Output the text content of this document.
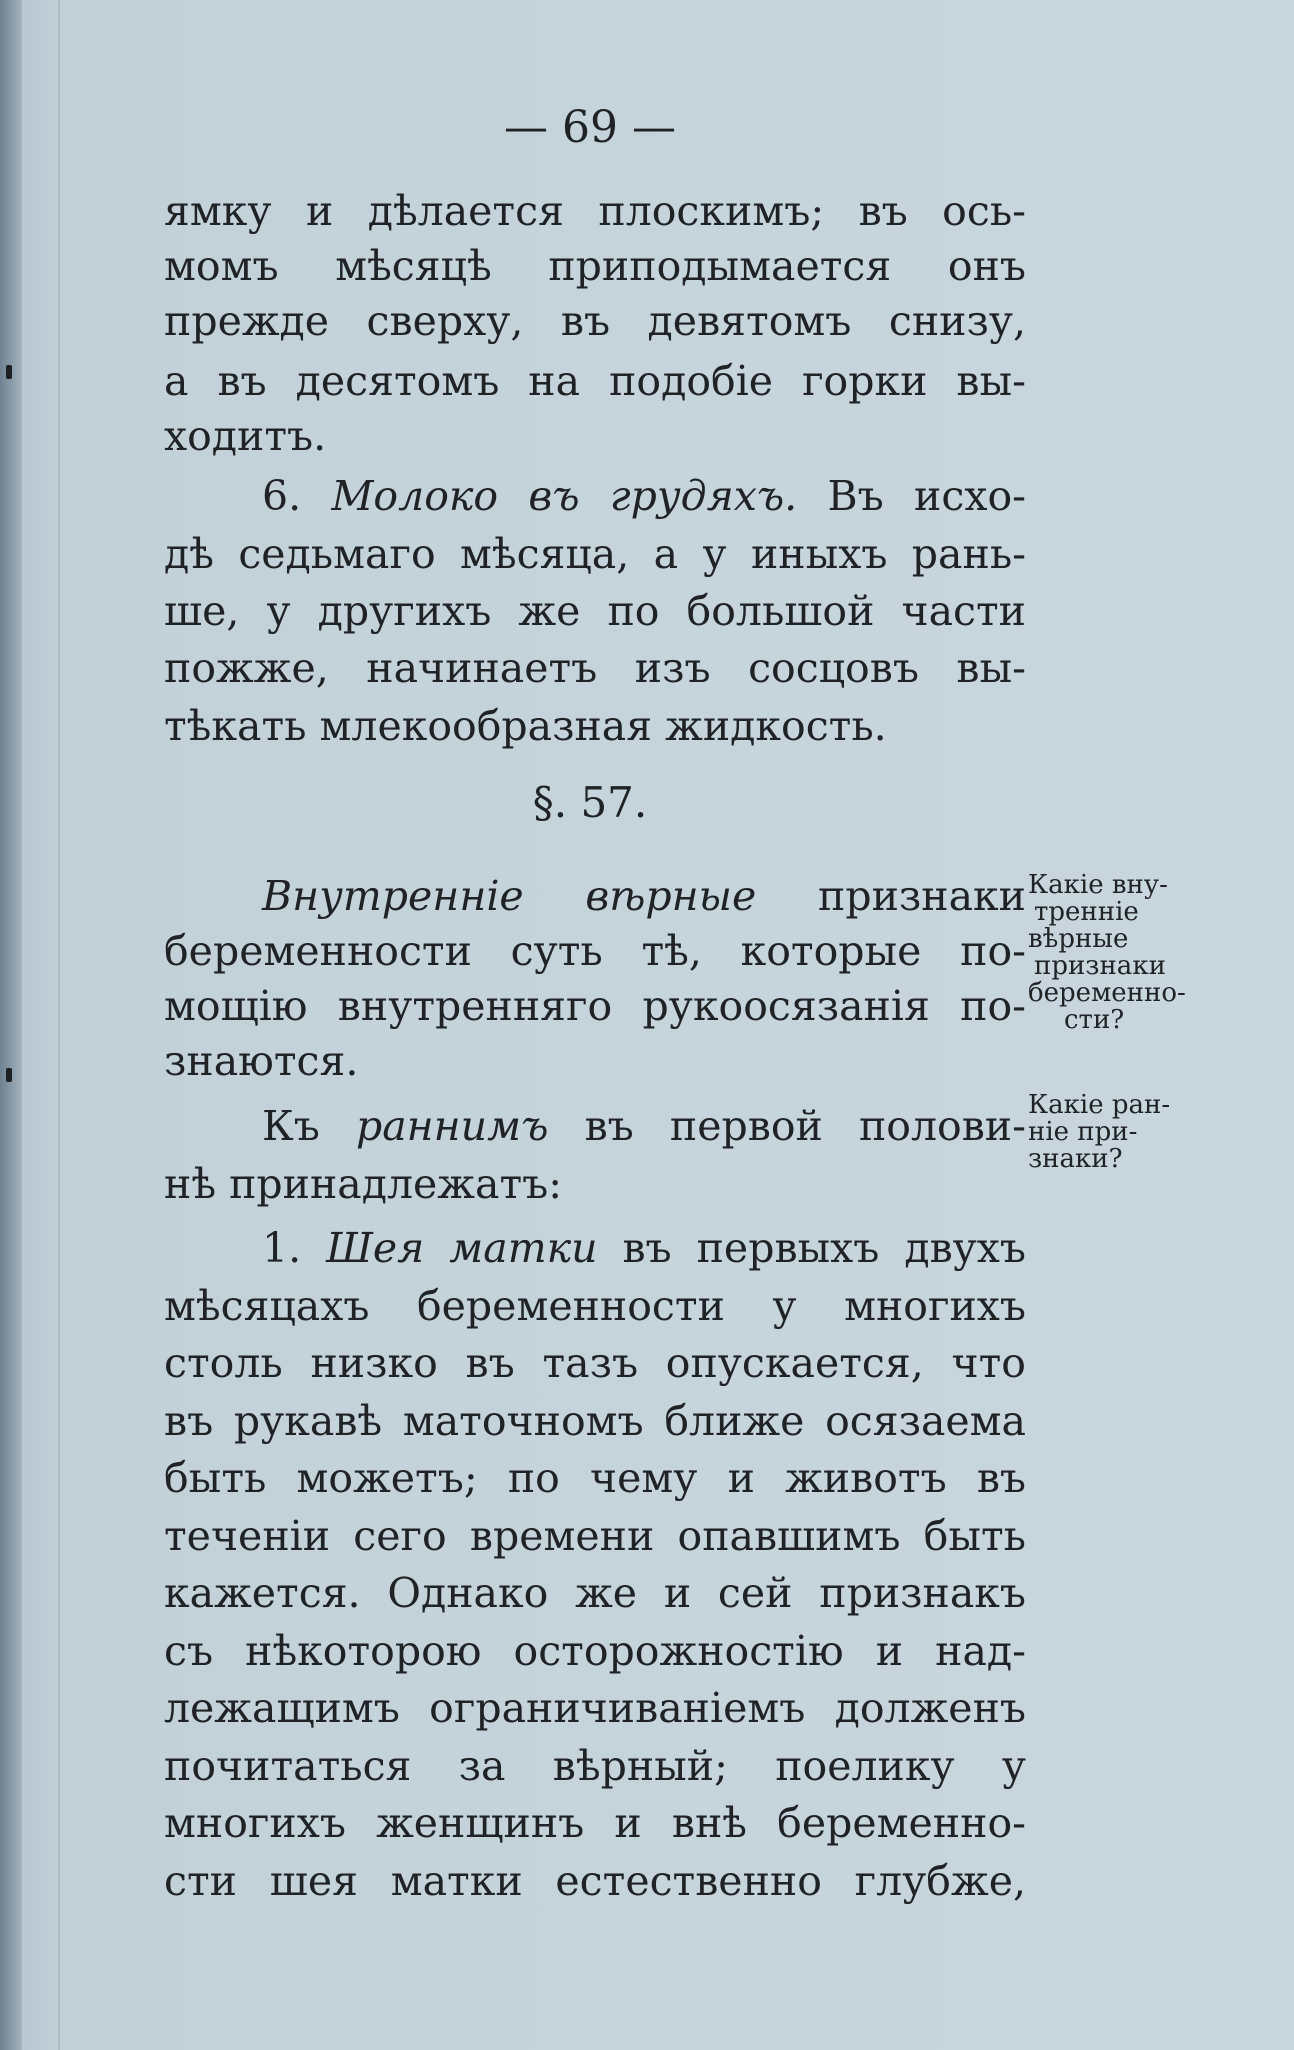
— 69 —
ямку и дѣлается плоскимъ; въ ось-
момъ мѣсяцѣ приподымается онъ
прежде сверху, въ девятомъ снизу,
а въ десятомъ на подобіе горки вы-
ходитъ.
6. Молоко въ грудяхъ. Въ исхо-
дѣ седьмаго мѣсяца, а у иныхъ рань-
ше, у другихъ же по большой части
пожже, начинаетъ изъ сосцовъ вы-
тѣкать млекообразная жидкость.
§. 57.
Внутренніе вѣрные признаки
беременности суть тѣ, которые по-
мощію внутренняго рукоосязанія по-
знаются.
Къ раннимъ въ первой полови-
нѣ принадлежатъ:
1. Шея матки въ первыхъ двухъ
мѣсяцахъ беременности у многихъ
столь низко въ тазъ опускается, что
въ рукавѣ маточномъ ближе осязаема
быть можетъ; по чему и животъ въ
теченіи сего времени опавшимъ быть
кажется. Однако же и сей признакъ
съ нѣкоторою осторожностію и над-
лежащимъ ограничиваніемъ долженъ
почитаться за вѣрный; поелику у
многихъ женщинъ и внѣ беременно-
сти шея матки естественно глубже,
Какіе вну-
тренніе
вѣрные
признаки
беременно-
сти?
Какіе ран-
ніе при-
знаки?
